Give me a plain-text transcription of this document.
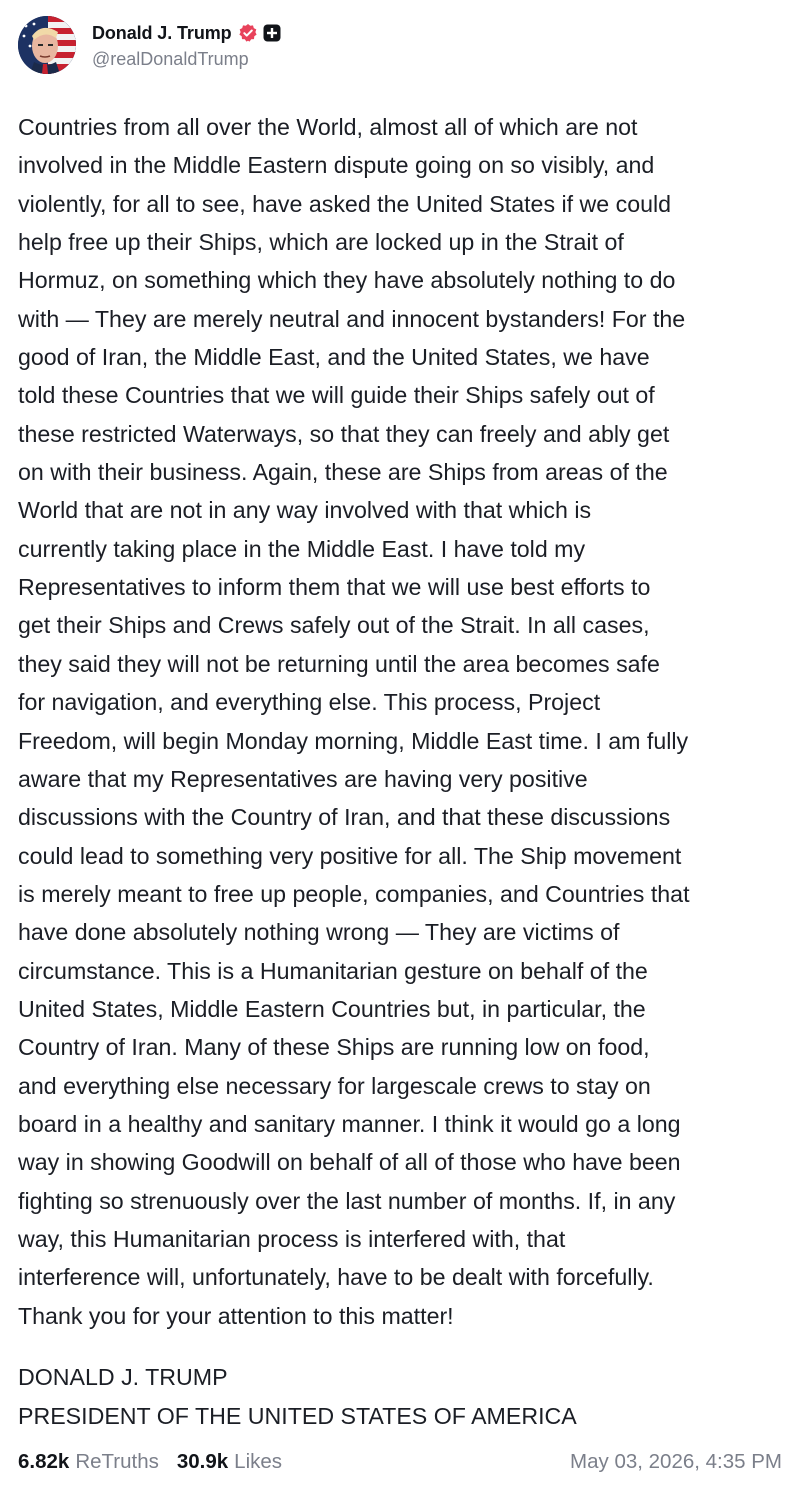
Donald J. Trump
@realDonaldTrump
Countries from all over the World, almost all of which are not
involved in the Middle Eastern dispute going on so visibly, and
violently, for all to see, have asked the United States if we could
help free up their Ships, which are locked up in the Strait of
Hormuz, on something which they have absolutely nothing to do
with — They are merely neutral and innocent bystanders! For the
good of Iran, the Middle East, and the United States, we have
told these Countries that we will guide their Ships safely out of
these restricted Waterways, so that they can freely and ably get
on with their business. Again, these are Ships from areas of the
World that are not in any way involved with that which is
currently taking place in the Middle East. I have told my
Representatives to inform them that we will use best efforts to
get their Ships and Crews safely out of the Strait. In all cases,
they said they will not be returning until the area becomes safe
for navigation, and everything else. This process, Project
Freedom, will begin Monday morning, Middle East time. I am fully
aware that my Representatives are having very positive
discussions with the Country of Iran, and that these discussions
could lead to something very positive for all. The Ship movement
is merely meant to free up people, companies, and Countries that
have done absolutely nothing wrong — They are victims of
circumstance. This is a Humanitarian gesture on behalf of the
United States, Middle Eastern Countries but, in particular, the
Country of Iran. Many of these Ships are running low on food,
and everything else necessary for largescale crews to stay on
board in a healthy and sanitary manner. I think it would go a long
way in showing Goodwill on behalf of all of those who have been
fighting so strenuously over the last number of months. If, in any
way, this Humanitarian process is interfered with, that
interference will, unfortunately, have to be dealt with forcefully.
Thank you for your attention to this matter!
DONALD J. TRUMP
PRESIDENT OF THE UNITED STATES OF AMERICA
6.82k ReTruths 30.9k Likes	May 03, 2026, 4:35 PM
